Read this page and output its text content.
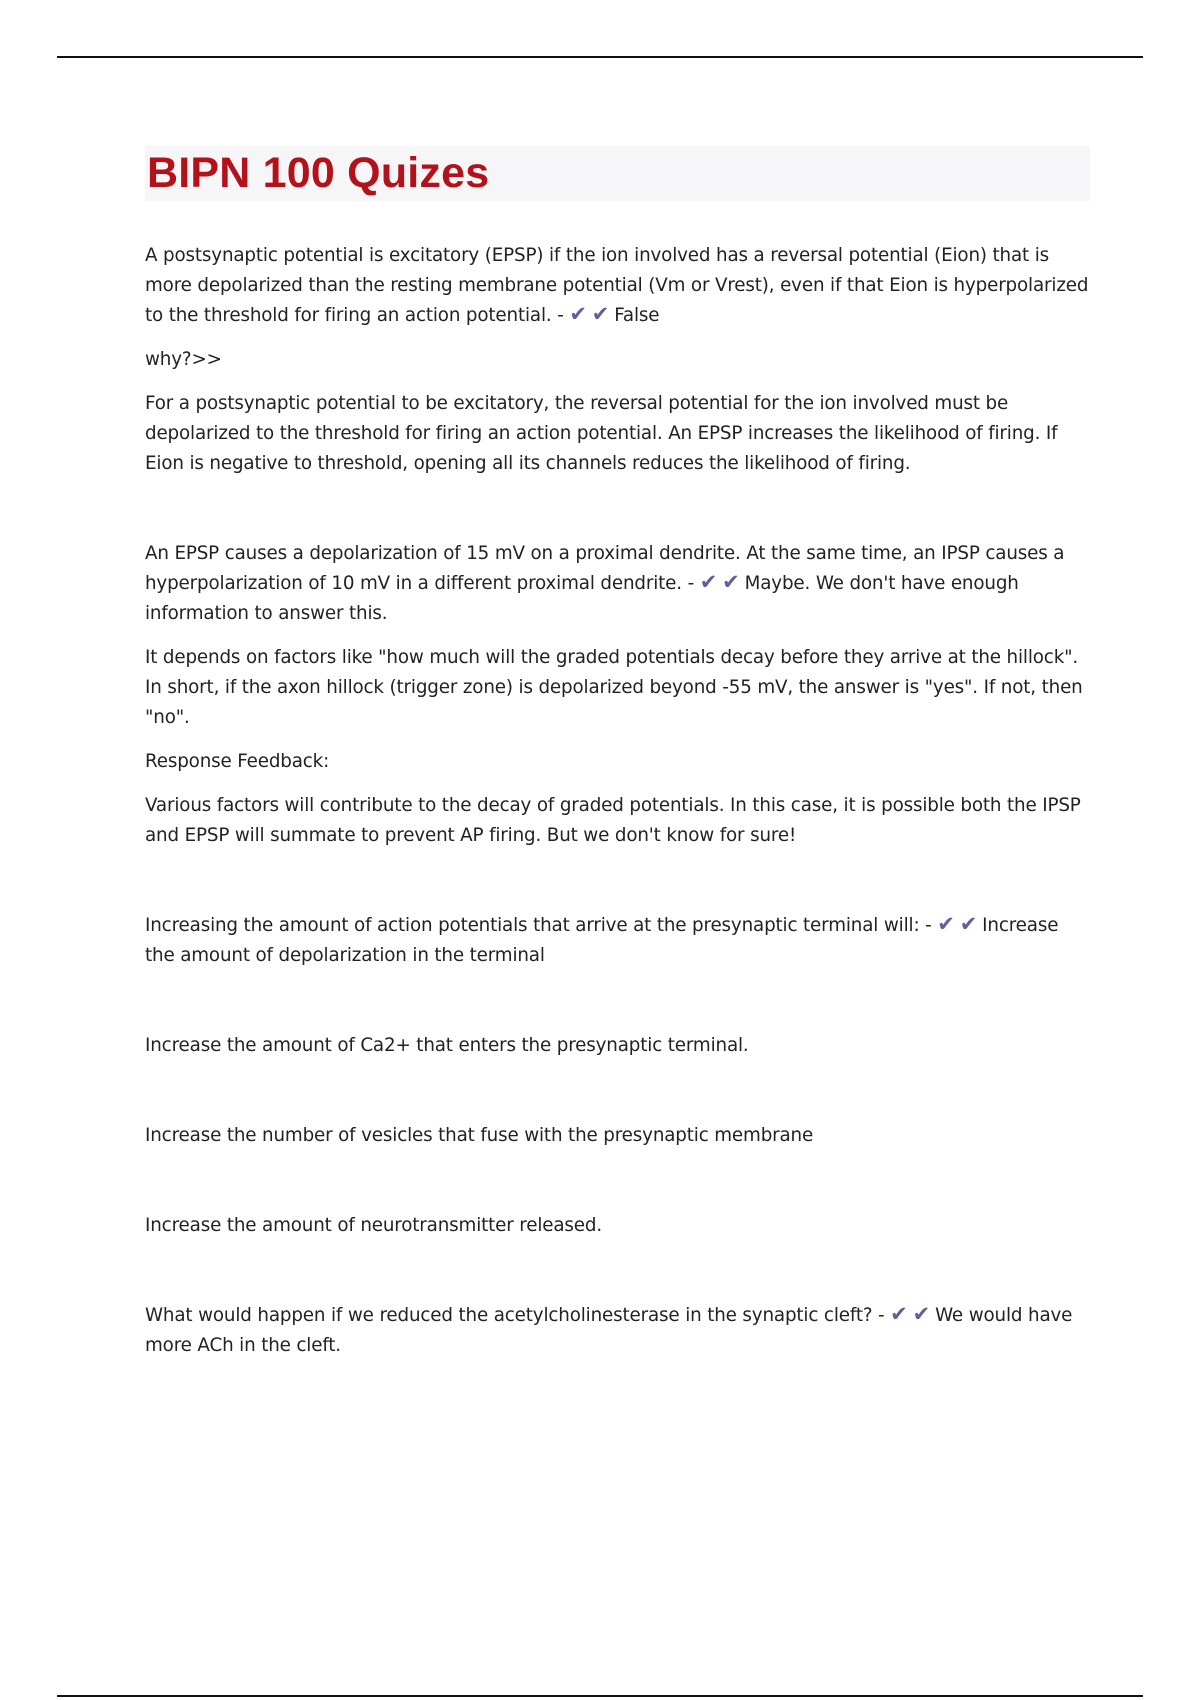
BIPN 100 Quizes

A postsynaptic potential is excitatory (EPSP) if the ion involved has a reversal potential (Eion) that is more depolarized than the resting membrane potential (Vm or Vrest), even if that Eion is hyperpolarized to the threshold for firing an action potential. - ✔ ✔ False

why?>>

For a postsynaptic potential to be excitatory, the reversal potential for the ion involved must be depolarized to the threshold for firing an action potential. An EPSP increases the likelihood of firing. If Eion is negative to threshold, opening all its channels reduces the likelihood of firing.

An EPSP causes a depolarization of 15 mV on a proximal dendrite. At the same time, an IPSP causes a hyperpolarization of 10 mV in a different proximal dendrite. - ✔ ✔ Maybe. We don't have enough information to answer this.

It depends on factors like "how much will the graded potentials decay before they arrive at the hillock". In short, if the axon hillock (trigger zone) is depolarized beyond -55 mV, the answer is "yes". If not, then "no".

Response Feedback:

Various factors will contribute to the decay of graded potentials. In this case, it is possible both the IPSP and EPSP will summate to prevent AP firing. But we don't know for sure!

Increasing the amount of action potentials that arrive at the presynaptic terminal will: - ✔ ✔ Increase the amount of depolarization in the terminal

Increase the amount of Ca2+ that enters the presynaptic terminal.

Increase the number of vesicles that fuse with the presynaptic membrane

Increase the amount of neurotransmitter released.

What would happen if we reduced the acetylcholinesterase in the synaptic cleft? - ✔ ✔ We would have more ACh in the cleft.
